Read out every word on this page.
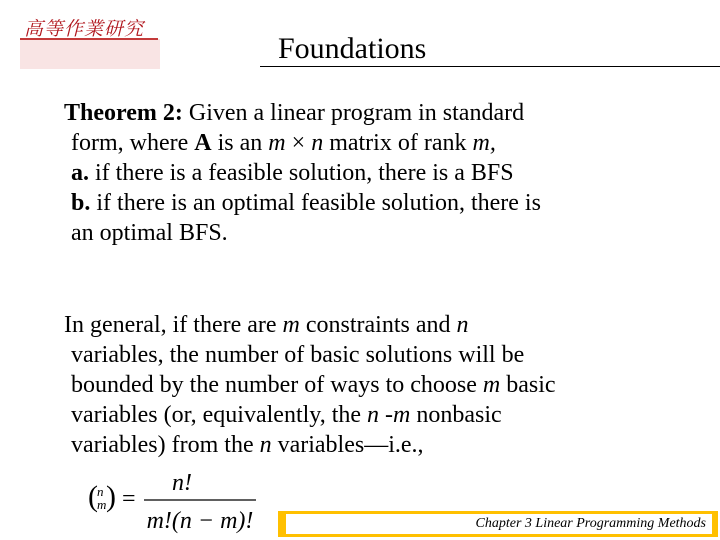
高等作業研究
Foundations
Theorem 2: Given a linear program in standard
form, where A is an m × n matrix of rank m,
a. if there is a feasible solution, there is a BFS
b. if there is an optimal feasible solution, there is
an optimal BFS.
In general, if there are m constraints and n
variables, the number of basic solutions will be
bounded by the number of ways to choose m basic
variables (or, equivalently, the n -m nonbasic
variables) from the n variables—i.e.,
( n
m ) =
n!
m!(n − m)!	Chapter 3 Linear Programming Methods
